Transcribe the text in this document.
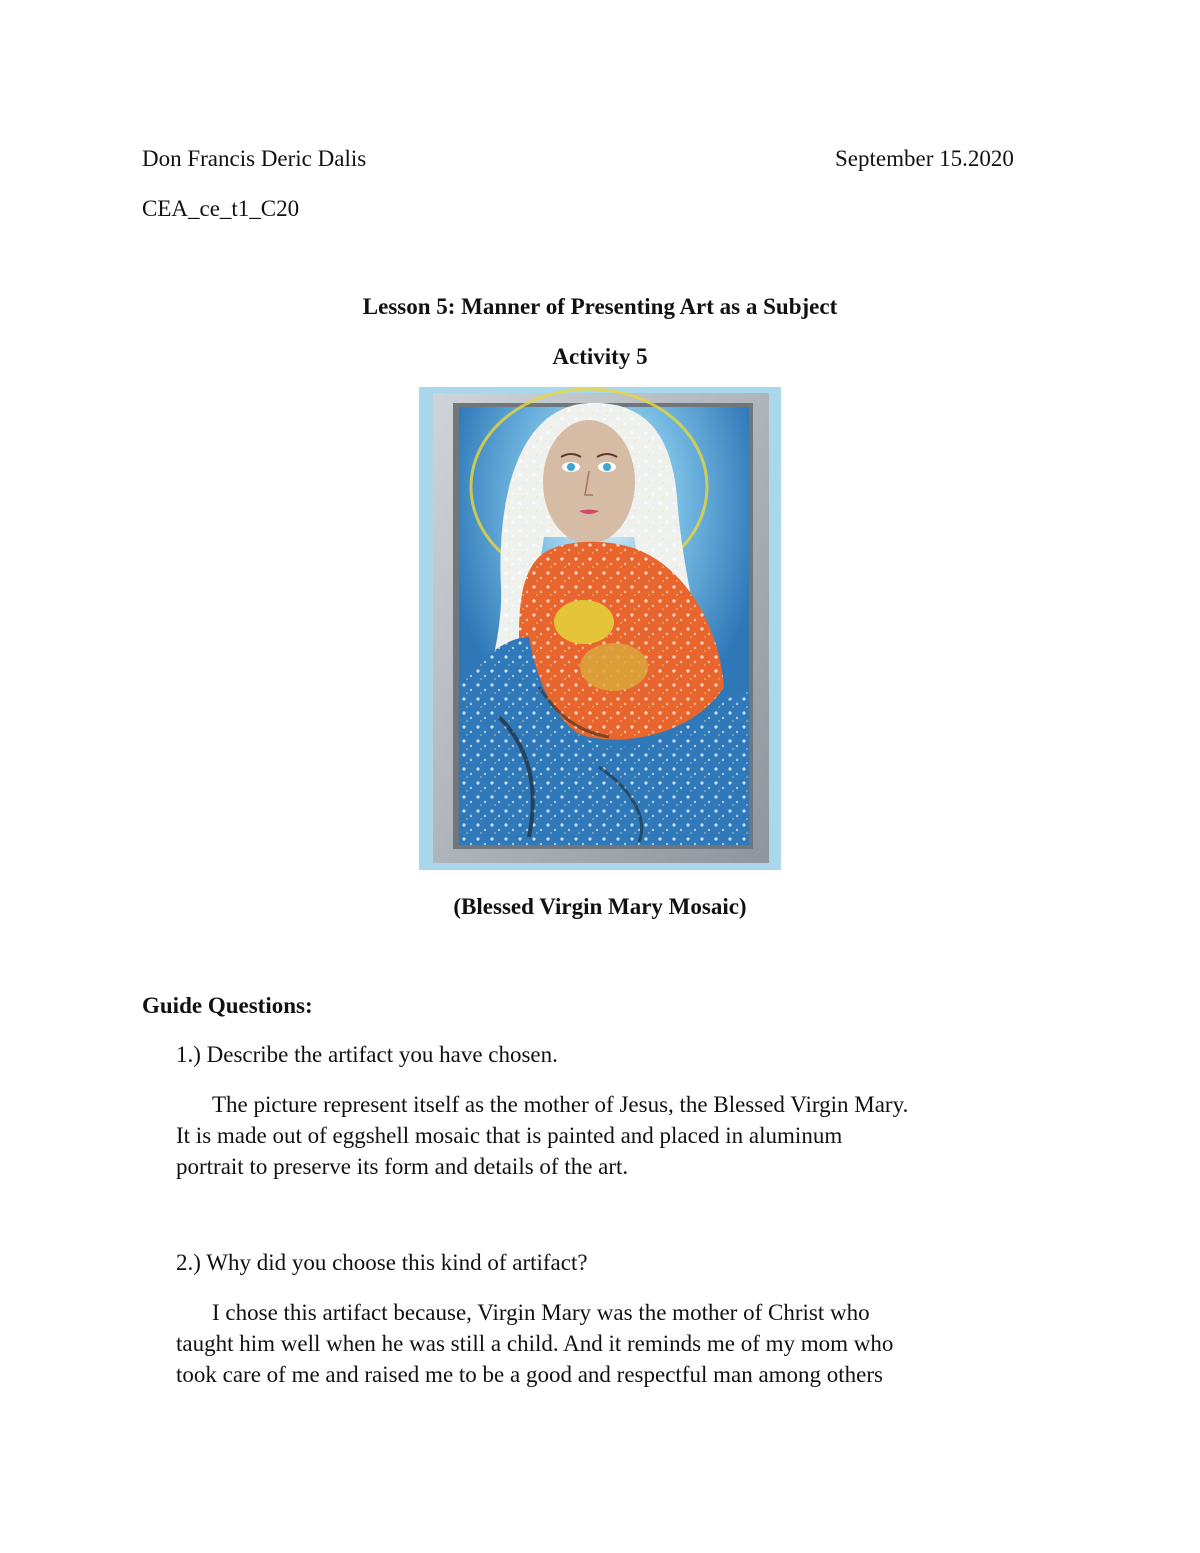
Don Francis Deric Dalis	September 15.2020
CEA_ce_t1_C20
Lesson 5: Manner of Presenting Art as a Subject
Activity 5
(Blessed Virgin Mary Mosaic)
Guide Questions:
1.) Describe the artifact you have chosen.

The picture represent itself as the mother of Jesus, the Blessed Virgin Mary.

It is made out of eggshell mosaic that is painted and placed in aluminum

portrait to preserve its form and details of the art.

2.) Why did you choose this kind of artifact?

I chose this artifact because, Virgin Mary was the mother of Christ who

taught him well when he was still a child. And it reminds me of my mom who

took care of me and raised me to be a good and respectful man among others
